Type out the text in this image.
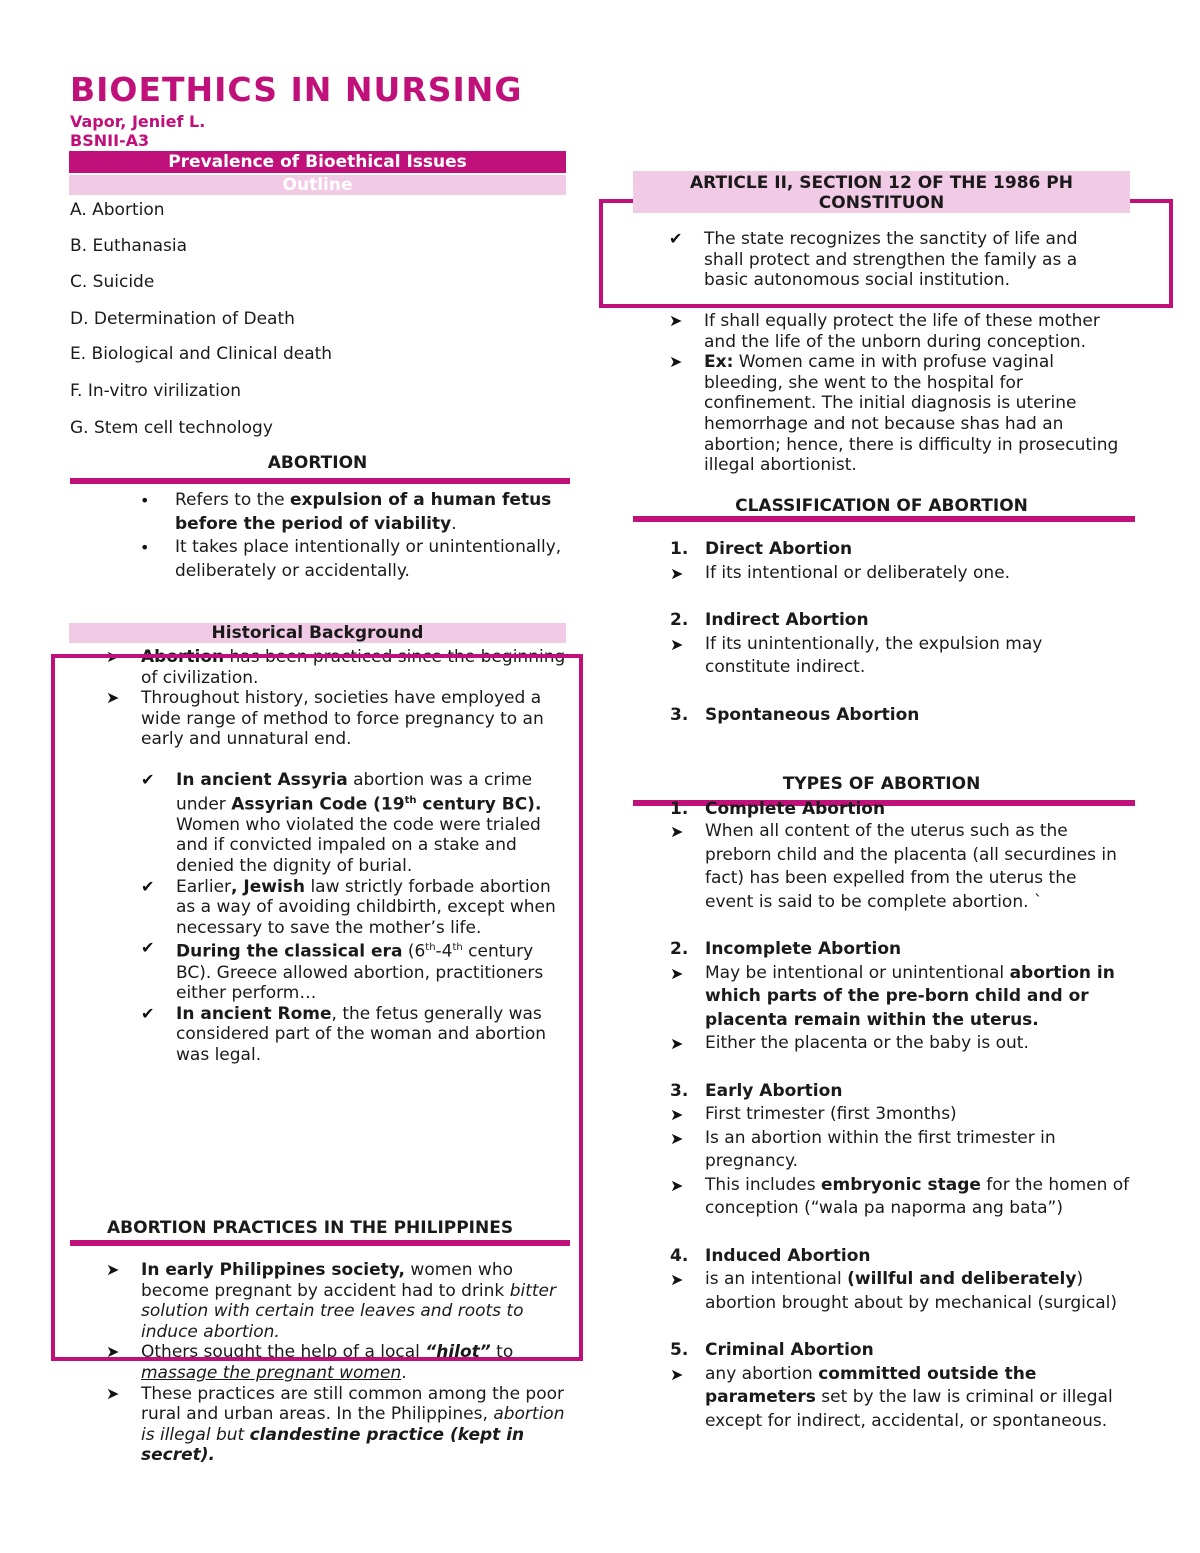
BIOETHICS IN NURSING
Vapor, Jenief L.
BSNII-A3
Prevalence of Bioethical Issues
Outline
A. Abortion
B. Euthanasia
C. Suicide
D. Determination of Death
E. Biological and Clinical death
F. In-vitro virilization
G. Stem cell technology
ABORTION
• Refers to the expulsion of a human fetus before the period of viability.
• It takes place intentionally or unintentionally, deliberately or accidentally.
Historical Background
➤ Abortion has been practiced since the beginning of civilization.
➤ Throughout history, societies have employed a wide range of method to force pregnancy to an early and unnatural end.
✔ In ancient Assyria abortion was a crime under Assyrian Code (19th century BC). Women who violated the code were trialed and if convicted impaled on a stake and denied the dignity of burial.
✔ Earlier, Jewish law strictly forbade abortion as a way of avoiding childbirth, except when necessary to save the mother’s life.
✔ During the classical era (6th-4th century BC). Greece allowed abortion, practitioners either perform…
✔ In ancient Rome, the fetus generally was considered part of the woman and abortion was legal.
ABORTION PRACTICES IN THE PHILIPPINES
➤ In early Philippines society, women who become pregnant by accident had to drink bitter solution with certain tree leaves and roots to induce abortion.
➤ Others sought the help of a local “hilot” to massage the pregnant women.
➤ These practices are still common among the poor rural and urban areas. In the Philippines, abortion is illegal but clandestine practice (kept in secret).
ARTICLE II, SECTION 12 OF THE 1986 PH CONSTITUON
✔ The state recognizes the sanctity of life and shall protect and strengthen the family as a basic autonomous social institution.
➤ If shall equally protect the life of these mother and the life of the unborn during conception.
➤ Ex: Women came in with profuse vaginal bleeding, she went to the hospital for confinement. The initial diagnosis is uterine hemorrhage and not because shas had an abortion; hence, there is difficulty in prosecuting illegal abortionist.
CLASSIFICATION OF ABORTION
1. Direct Abortion
➤ If its intentional or deliberately one.
2. Indirect Abortion
➤ If its unintentionally, the expulsion may constitute indirect.
3. Spontaneous Abortion
TYPES OF ABORTION
1. Complete Abortion
➤ When all content of the uterus such as the preborn child and the placenta (all securdines in fact) has been expelled from the uterus the event is said to be complete abortion. `
2. Incomplete Abortion
➤ May be intentional or unintentional abortion in which parts of the pre-born child and or placenta remain within the uterus.
➤ Either the placenta or the baby is out.
3. Early Abortion
➤ First trimester (first 3months)
➤ Is an abortion within the first trimester in pregnancy.
➤ This includes embryonic stage for the homen of conception (“wala pa naporma ang bata”)
4. Induced Abortion
➤ is an intentional (willful and deliberately) abortion brought about by mechanical (surgical)
5. Criminal Abortion
➤ any abortion committed outside the parameters set by the law is criminal or illegal except for indirect, accidental, or spontaneous.
